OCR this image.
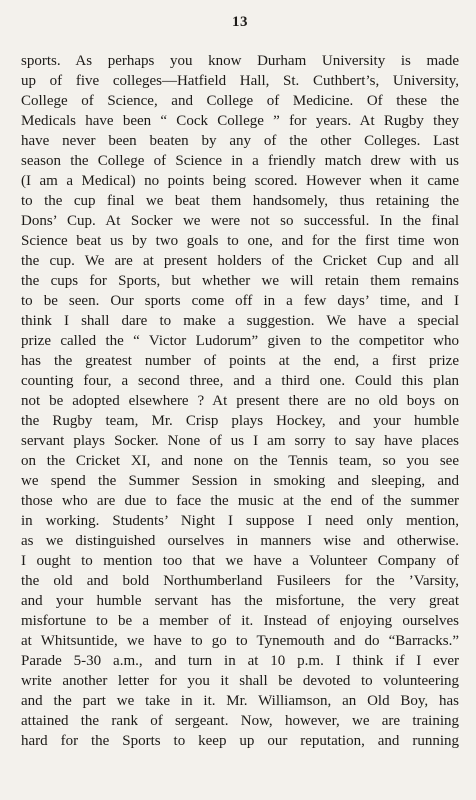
13
sports. As perhaps you know Durham University is made
up of five colleges—Hatfield Hall, St. Cuthbert’s, University,
College of Science, and College of Medicine. Of these the
Medicals have been “ Cock College ” for years. At Rugby they
have never been beaten by any of the other Colleges. Last
season the College of Science in a friendly match drew with us
(I am a Medical) no points being scored. However when it came
to the cup final we beat them handsomely, thus retaining the
Dons’ Cup. At Socker we were not so successful. In the final
Science beat us by two goals to one, and for the first time won
the cup. We are at present holders of the Cricket Cup and all
the cups for Sports, but whether we will retain them remains
to be seen. Our sports come off in a few days’ time, and I
think I shall dare to make a suggestion. We have a special
prize called the “ Victor Ludorum” given to the competitor who
has the greatest number of points at the end, a first prize
counting four, a second three, and a third one. Could this plan
not be adopted elsewhere ? At present there are no old boys on
the Rugby team, Mr. Crisp plays Hockey, and your humble
servant plays Socker. None of us I am sorry to say have places
on the Cricket XI, and none on the Tennis team, so you see
we spend the Summer Session in smoking and sleeping, and
those who are due to face the music at the end of the summer
in working. Students’ Night I suppose I need only mention,
as we distinguished ourselves in manners wise and otherwise.
I ought to mention too that we have a Volunteer Company of
the old and bold Northumberland Fusileers for the ’Varsity,
and your humble servant has the misfortune, the very great
misfortune to be a member of it. Instead of enjoying ourselves
at Whitsuntide, we have to go to Tynemouth and do “Barracks.”
Parade 5-30 a.m., and turn in at 10 p.m. I think if I ever
write another letter for you it shall be devoted to volunteering
and the part we take in it. Mr. Williamson, an Old Boy, has
attained the rank of sergeant. Now, however, we are training
hard for the Sports to keep up our reputation, and running
